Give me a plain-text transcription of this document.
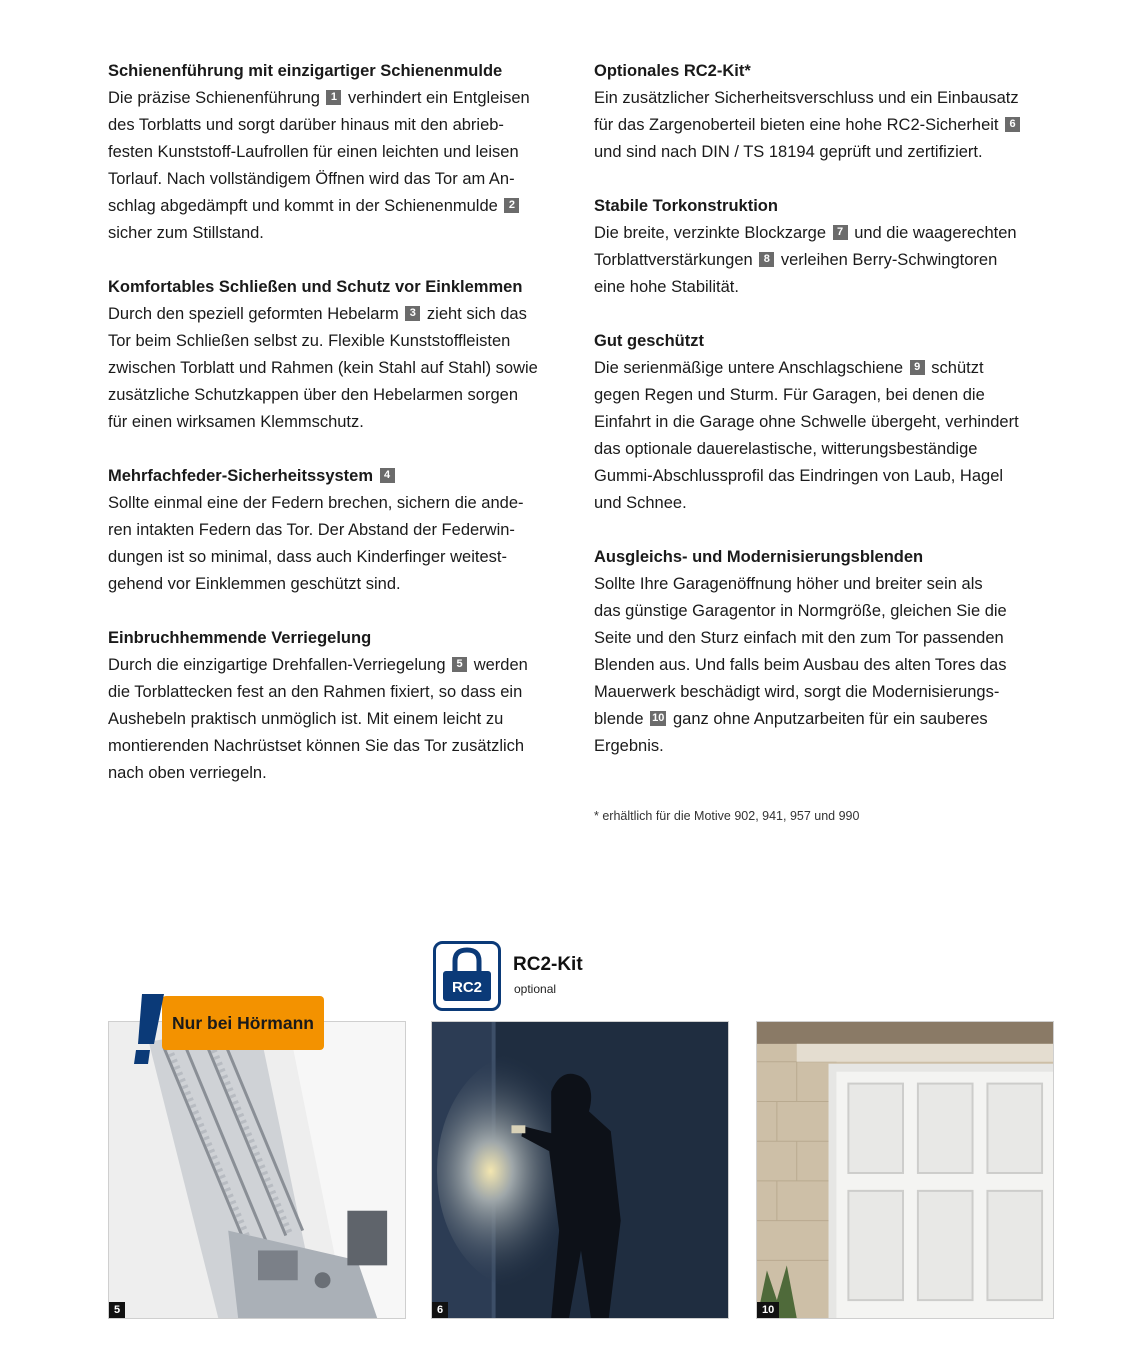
Schienenführung mit einzigartiger Schienenmulde

Die präzise Schienenführung 1 verhindert ein Entgleisen

des Torblatts und sorgt darüber hinaus mit den abrieb-

festen Kunststoff-Laufrollen für einen leichten und leisen

Torlauf. Nach vollständigem Öffnen wird das Tor am An-

schlag abgedämpft und kommt in der Schienenmulde 2

sicher zum Stillstand.

Komfortables Schließen und Schutz vor Einklemmen

Durch den speziell geformten Hebelarm 3 zieht sich das

Tor beim Schließen selbst zu. Flexible Kunststoffleisten

zwischen Torblatt und Rahmen (kein Stahl auf Stahl) sowie

zusätzliche Schutzkappen über den Hebelarmen sorgen

für einen wirksamen Klemmschutz.

Mehrfachfeder-Sicherheitssystem 4

Sollte einmal eine der Federn brechen, sichern die ande-

ren intakten Federn das Tor. Der Abstand der Federwin-

dungen ist so minimal, dass auch Kinderfinger weitest-

gehend vor Einklemmen geschützt sind.

Einbruchhemmende Verriegelung

Durch die einzigartige Drehfallen-Verriegelung 5 werden

die Torblattecken fest an den Rahmen fixiert, so dass ein

Aushebeln praktisch unmöglich ist. Mit einem leicht zu

montierenden Nachrüstset können Sie das Tor zusätzlich

nach oben verriegeln.

Optionales RC2-Kit*

Ein zusätzlicher Sicherheitsverschluss und ein Einbausatz

für das Zargenoberteil bieten eine hohe RC2-Sicherheit 6

und sind nach DIN / TS 18194 geprüft und zertifiziert.

Stabile Torkonstruktion

Die breite, verzinkte Blockzarge 7 und die waagerechten

Torblattverstärkungen 8 verleihen Berry-Schwingtoren

eine hohe Stabilität.

Gut geschützt

Die serienmäßige untere Anschlagschiene 9 schützt

gegen Regen und Sturm. Für Garagen, bei denen die

Einfahrt in die Garage ohne Schwelle übergeht, verhindert

das optionale dauerelastische, witterungsbeständige

Gummi-Abschlussprofil das Eindringen von Laub, Hagel

und Schnee.

Ausgleichs- und Modernisierungsblenden

Sollte Ihre Garagenöffnung höher und breiter sein als

das günstige Garagentor in Normgröße, gleichen Sie die

Seite und den Sturz einfach mit den zum Tor passenden

Blenden aus. Und falls beim Ausbau des alten Tores das

Mauerwerk beschädigt wird, sorgt die Modernisierungs-

blende 10 ganz ohne Anputzarbeiten für ein sauberes

Ergebnis.

* erhältlich für die Motive 902, 941, 957 und 990
5	6	10
Nur bei Hörmann
RC2
RC2-Kit
optional
